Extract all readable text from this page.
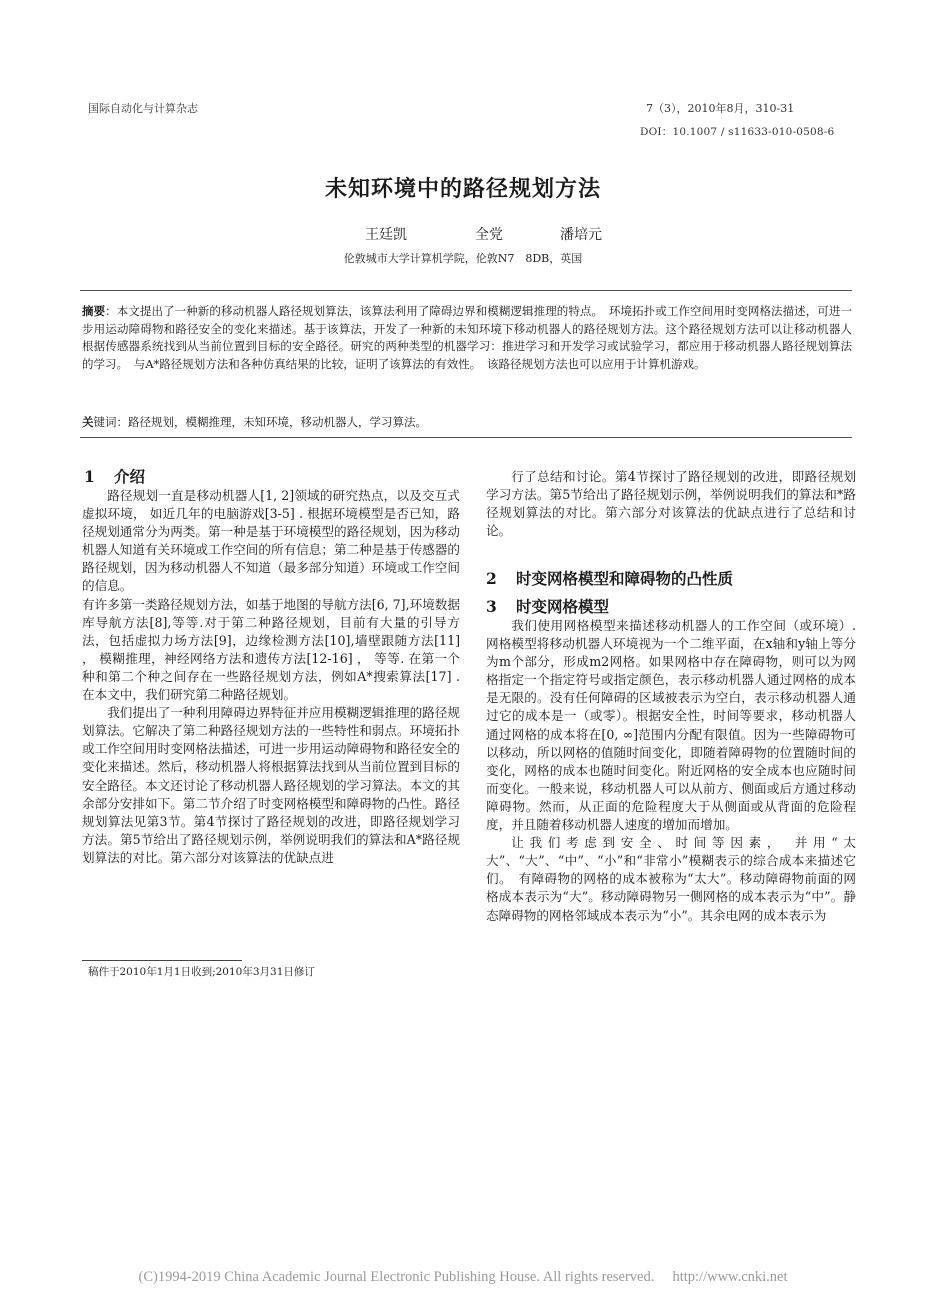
国际自动化与计算杂志	7（3），2010年8月，310-31
DOI：10.1007 / s11633-010-0508-6
未知环境中的路径规划方法
王廷凯	全党	潘培元
伦敦城市大学计算机学院，伦敦N7　8DB，英国
摘要：本文提出了一种新的移动机器人路径规划算法，该算法利用了障碍边界和模糊逻辑推理的特点。　环境拓扑或工作空间用时变网格法描述，可进一步用运动障碍物和路径安全的变化来描述。基于该算法，开发了一种新的未知环境下移动机器人的路径规划方法。这个路径规划方法可以让移动机器人根据传感器系统找到从当前位置到目标的安全路径。研究的两种类型的机器学习：推进学习和开发学习或试验学习，都应用于移动机器人路径规划算法的学习。　与A*路径规划方法和各种仿真结果的比较，证明了该算法的有效性。　该路径规划方法也可以应用于计算机游戏。
关键词：路径规划，模糊推理，未知环境，移动机器人，学习算法。
1 介绍

路径规划一直是移动机器人[1, 2]领域的研究热点，以及交互式虚拟环境， 如近几年的电脑游戏[3-5] . 根据环境模型是否已知，路径规划通常分为两类。第一种是基于环境模型的路径规划，因为移动机器人知道有关环境或工作空间的所有信息；第二种是基于传感器的路径规划，因为移动机器人不知道（最多部分知道）环境或工作空间的信息。

有许多第一类路径规划方法，如基于地图的导航方法[6, 7],环境数据库导航方法[8],等等.对于第二种路径规划，目前有大量的引导方法，包括虚拟力场方法[9]，边缘检测方法[10],墙壁跟随方法[11] ， 模糊推理，神经网络方法和遗传方法[12-16] ， 等等. 在第一个种和第二个种之间存在一些路径规划方法，例如A*搜索算法[17] . 在本文中，我们研究第二种路径规划。

我们提出了一种利用障碍边界特征并应用模糊逻辑推理的路径规划算法。它解决了第二种路径规划方法的一些特性和弱点。环境拓扑或工作空间用时变网格法描述，可进一步用运动障碍物和路径安全的变化来描述。然后，移动机器人将根据算法找到从当前位置到目标的安全路径。本文还讨论了移动机器人路径规划的学习算法。本文的其余部分安排如下。第二节介绍了时变网格模型和障碍物的凸性。路径规划算法见第3节。第4节探讨了路径规划的改进，即路径规划学习方法。第5节给出了路径规划示例，举例说明我们的算法和A*路径规划算法的对比。第六部分对该算法的优缺点进

行了总结和讨论。第4节探讨了路径规划的改进，即路径规划学习方法。第5节给出了路径规划示例，举例说明我们的算法和*路径规划算法的对比。第六部分对该算法的优缺点进行了总结和讨论。

2 时变网格模型和障碍物的凸性质
3 时变网格模型

我们使用网格模型来描述移动机器人的工作空间（或环境）. 网格模型将移动机器人环境视为一个二维平面，在x轴和y轴上等分为m个部分，形成m2网格。如果网格中存在障碍物，则可以为网格指定一个指定符号或指定颜色，表示移动机器人通过网格的成本是无限的。没有任何障碍的区域被表示为空白，表示移动机器人通过它的成本是一（或零）。根据安全性，时间等要求，移动机器人通过网格的成本将在[0, ∞]范围内分配有限值。因为一些障碍物可以移动，所以网格的值随时间变化，即随着障碍物的位置随时间的变化，网格的成本也随时间变化。附近网格的安全成本也应随时间而变化。一般来说，移动机器人可以从前方、侧面或后方通过移动障碍物。然而，从正面的危险程度大于从侧面或从背面的危险程度，并且随着移动机器人速度的增加而增加。

让我们考虑到安全、时间等因素， 并用“太大”、“大”、“中”、“小”和“非常小”模糊表示的综合成本来描述它们。　有障碍物的网格的成本被称为“太大”。移动障碍物前面的网格成本表示为“大”。移动障碍物另一侧网格的成本表示为“中”。静态障碍物的网格邻域成本表示为“小”。其余电网的成本表示为

稿件于2010年1月1日收到;2010年3月31日修订
(C)1994-2019 China Academic Journal Electronic Publishing House. All rights reserved.　 http://www.cnki.net
